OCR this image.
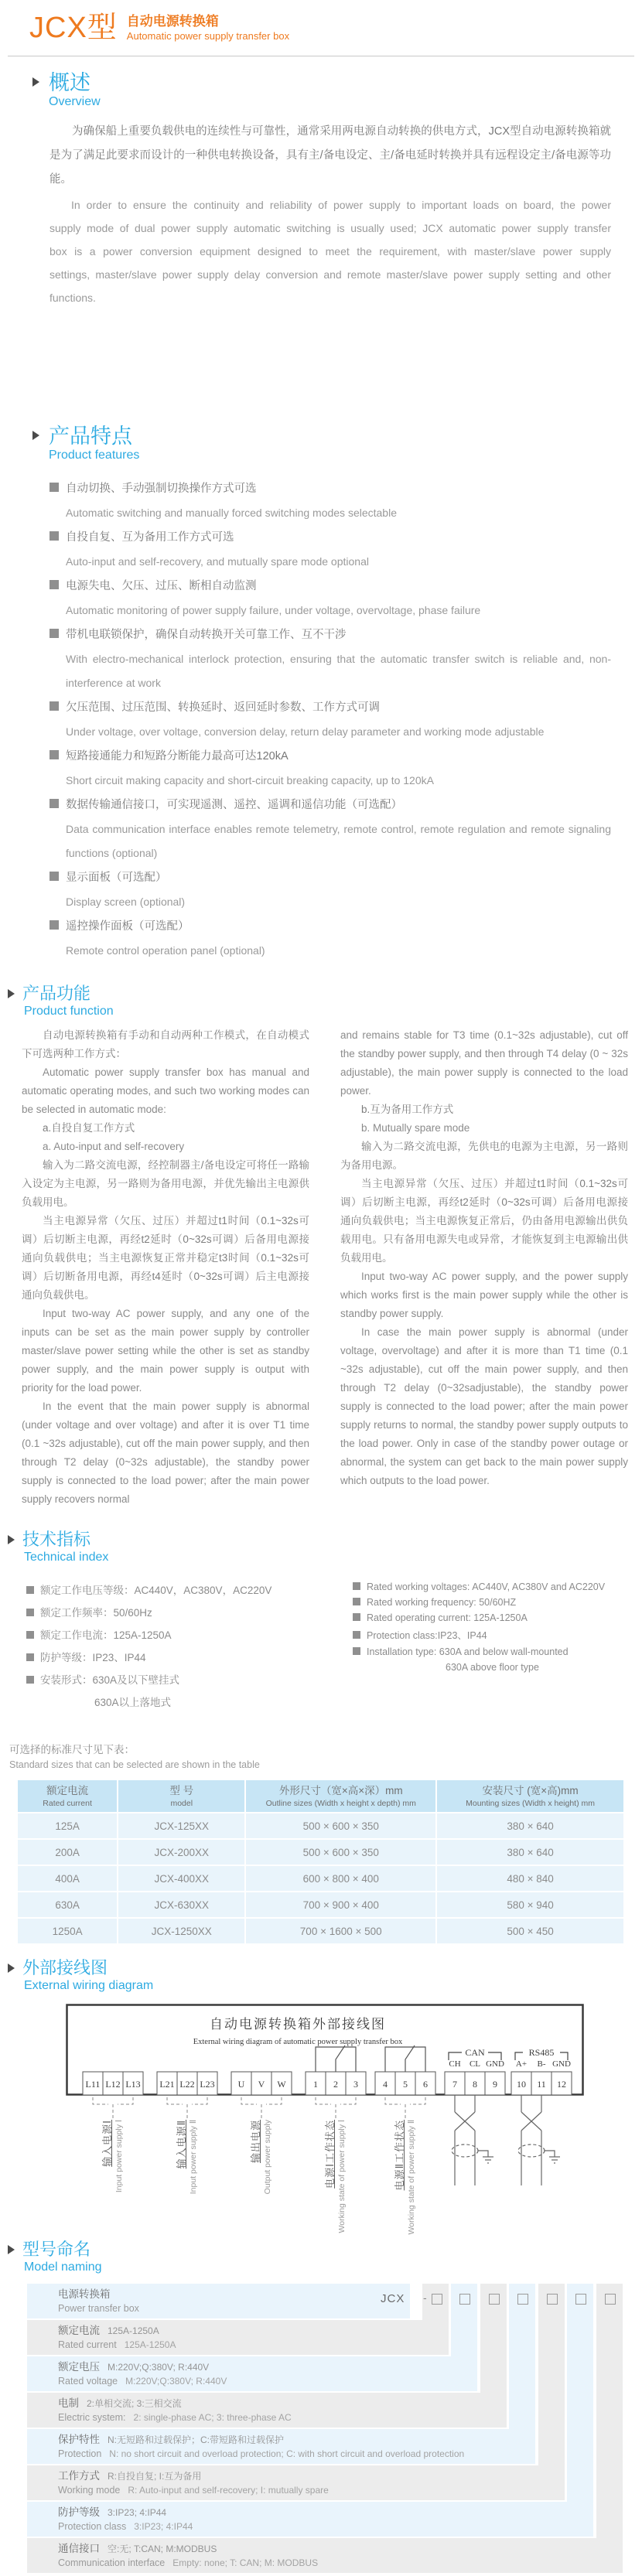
JCX型 自动电源转换箱
Automatic power supply transfer box
概述
Overview

为确保船上重要负载供电的连续性与可靠性，通常采用两电源自动转换的供电方式，JCX型自动电源转换箱就是为了满足此要求而设计的一种供电转换设备，具有主/备电设定、主/备电延时转换并具有远程设定主/备电源等功能。

In order to ensure the continuity and reliability of power supply to important loads on board, the power supply mode of dual power supply automatic switching is usually used; JCX automatic power supply transfer box is a power conversion equipment designed to meet the requirement, with master/slave power supply settings, master/slave power supply delay conversion and remote master/slave power supply setting and other functions.

产品特点
Product features
自动切换、手动强制切换操作方式可选
Automatic switching and manually forced switching modes selectable
自投自复、互为备用工作方式可选
Auto-input and self-recovery, and mutually spare mode optional
电源失电、欠压、过压、断相自动监测
Automatic monitoring of power supply failure, under voltage, overvoltage, phase failure
带机电联锁保护，确保自动转换开关可靠工作、互不干涉
With electro-mechanical interlock protection, ensuring that the automatic transfer switch is reliable and, non-interference at work
欠压范围、过压范围、转换延时、返回延时参数、工作方式可调
Under voltage, over voltage, conversion delay, return delay parameter and working mode adjustable
短路接通能力和短路分断能力最高可达120kA
Short circuit making capacity and short-circuit breaking capacity, up to 120kA
数据传输通信接口，可实现遥测、遥控、遥调和遥信功能（可选配）
Data communication interface enables remote telemetry, remote control, remote regulation and remote signaling functions (optional)
显示面板（可选配）
Display screen (optional)
遥控操作面板（可选配）
Remote control operation panel (optional)
产品功能
Product function

自动电源转换箱有手动和自动两种工作模式，在自动模式下可选两种工作方式：

Automatic power supply transfer box has manual and automatic operating modes, and such two working modes can be selected in automatic mode:

a.自投自复工作方式

a. Auto-input and self-recovery

输入为二路交流电源，经控制器主/备电设定可将任一路输入设定为主电源，另一路则为备用电源，并优先输出主电源供负载用电。

当主电源异常（欠压、过压）并超过t1时间（0.1~32s可调）后切断主电源，再经t2延时（0~32s可调）后备用电源接通向负载供电；当主电源恢复正常并稳定t3时间（0.1~32s可调）后切断备用电源，再经t4延时（0~32s可调）后主电源接通向负载供电。

Input two-way AC power supply, and any one of the inputs can be set as the main power supply by controller master/slave power setting while the other is set as standby power supply, and the main power supply is output with priority for the load power.

In the event that the main power supply is abnormal (under voltage and over voltage) and after it is over T1 time (0.1 ~32s adjustable), cut off the main power supply, and then through T2 delay (0~32s adjustable), the standby power supply is connected to the load power; after the main power supply recovers normal

and remains stable for T3 time (0.1~32s adjustable), cut off the standby power supply, and then through T4 delay (0 ~ 32s adjustable), the main power supply is connected to the load power.

b.互为备用工作方式

b. Mutually spare mode

输入为二路交流电源，先供电的电源为主电源，另一路则为备用电源。

当主电源异常（欠压、过压）并超过t1时间（0.1~32s可调）后切断主电源，再经t2延时（0~32s可调）后备用电源接通向负载供电；当主电源恢复正常后，仍由备用电源输出供负载用电。只有备用电源失电或异常，才能恢复到主电源输出供负载用电。

Input two-way AC power supply, and the power supply which works first is the main power supply while the other is standby power supply.

In case the main power supply is abnormal (under voltage, overvoltage) and after it is more than T1 time (0.1 ~32s adjustable), cut off the main power supply, and then through T2 delay (0~32sadjustable), the standby power supply is connected to the load power; after the main power supply returns to normal, the standby power supply outputs to the load power. Only in case of the standby power outage or abnormal, the system can get back to the main power supply which outputs to the load power.

技术指标
Technical index
额定工作电压等级：AC440V，AC380V，AC220V
额定工作频率：50/60Hz
额定工作电流：125A-1250A
防护等级：IP23、IP44
安装形式：630A及以下壁挂式
630A以上落地式
Rated working voltages: AC440V, AC380V and AC220V
Rated working frequency: 50/60HZ
Rated operating current: 125A-1250A
Protection class:IP23、IP44
Installation type: 630A and below wall-mounted
630A above floor type
可选择的标准尺寸见下表：
Standard sizes that can be selected are shown in the table
额定电流
Rated current

型 号
model

外形尺寸（宽×高×深）mm
Outline sizes (Width x height x depth) mm

安装尺寸 (宽×高)mm
Mounting sizes (Width x height) mm

125A	JCX-125XX	500 × 600 × 350	380 × 640
200A	JCX-200XX	500 × 600 × 350	380 × 640
400A	JCX-400XX	600 × 800 × 400	480 × 840
630A	JCX-630XX	700 × 900 × 400	580 × 940
1250A	JCX-1250XX	700 × 1600 × 500	500 × 450
外部接线图
External wiring diagram
自动电源转换箱外部接线图
External wiring diagram of automatic power supply transfer box
CAN	RS485
CH CL GND A+ B- GND
L11 L12 L13 L21 L22 L23 U V W	1 2 3	4 5 6	7 8 9 10 11 12
输入电源Ⅰ Input power supply Ⅰ	输入电源Ⅱ Input power supply Ⅱ	输出电源 Output power supply	电源Ⅰ工作状态 Working state of power supply Ⅰ	电源Ⅱ工作状态 Working state of power supply Ⅱ
型号命名
Model naming
电源转换箱
Power transfer box
额定电流 125A-1250A
Rated current 125A-1250A
额定电压 M:220V;Q:380V; R:440V
Rated voltage M:220V;Q:380V; R:440V
电制 2:单相交流; 3:三相交流
Electric system: 2: single-phase AC; 3: three-phase AC
保护特性 N:无短路和过载保护；C:带短路和过载保护
Protection N: no short circuit and overload protection; C: with short circuit and overload protection
工作方式 R:自投自复; I:互为备用
Working mode R: Auto-input and self-recovery; I: mutually spare
防护等级 3:IP23; 4:IP44
Protection class 3:IP23; 4:IP44
通信接口 空:无; T:CAN; M:MODBUS
Communication interface Empty: none; T: CAN; M: MODBUS
-
JCX
